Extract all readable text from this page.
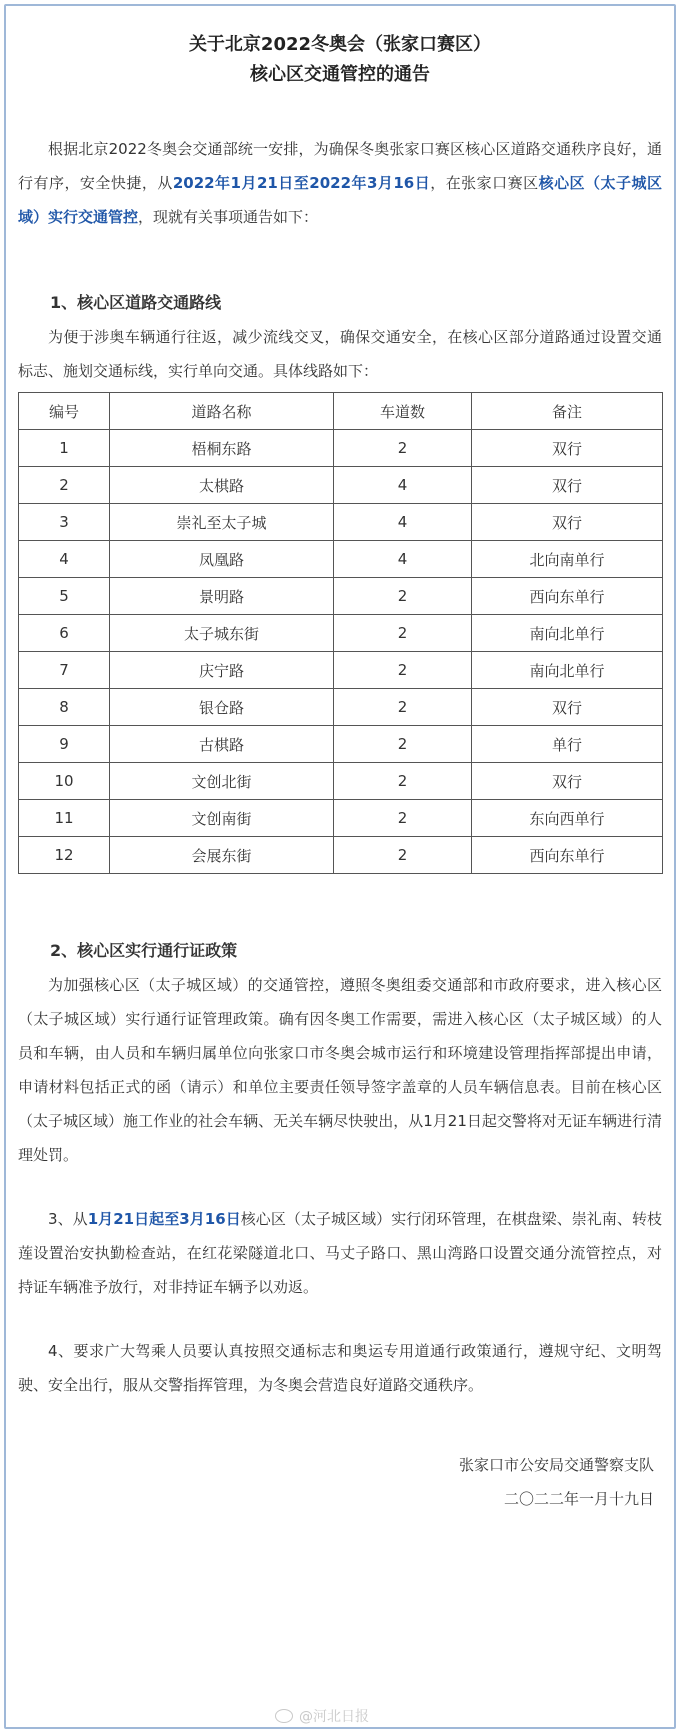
关于北京2022冬奥会（张家口赛区）
核心区交通管控的通告

根据北京2022冬奥会交通部统一安排，为确保冬奥张家口赛区核心区道路交通秩序良好，通行有序，安全快捷，从2022年1月21日至2022年3月16日，在张家口赛区核心区（太子城区域）实行交通管控，现就有关事项通告如下：

1、核心区道路交通路线

为便于涉奥车辆通行往返，减少流线交叉，确保交通安全，在核心区部分道路通过设置交通标志、施划交通标线，实行单向交通。具体线路如下：

编号	道路名称	车道数	备注
1	梧桐东路	2	双行
2	太棋路	4	双行
3	崇礼至太子城	4	双行
4	凤凰路	4	北向南单行
5	景明路	2	西向东单行
6	太子城东街	2	南向北单行
7	庆宁路	2	南向北单行
8	银仓路	2	双行
9	古棋路	2	单行
10	文创北街	2	双行
11	文创南街	2	东向西单行
12	会展东街	2	西向东单行
2、核心区实行通行证政策

为加强核心区（太子城区域）的交通管控，遵照冬奥组委交通部和市政府要求，进入核心区（太子城区域）实行通行证管理政策。确有因冬奥工作需要，需进入核心区（太子城区域）的人员和车辆，由人员和车辆归属单位向张家口市冬奥会城市运行和环境建设管理指挥部提出申请，申请材料包括正式的函（请示）和单位主要责任领导签字盖章的人员车辆信息表。目前在核心区（太子城区域）施工作业的社会车辆、无关车辆尽快驶出，从1月21日起交警将对无证车辆进行清理处罚。

3、从1月21日起至3月16日核心区（太子城区域）实行闭环管理，在棋盘梁、崇礼南、转枝莲设置治安执勤检查站，在红花梁隧道北口、马丈子路口、黑山湾路口设置交通分流管控点，对持证车辆准予放行，对非持证车辆予以劝返。

4、要求广大驾乘人员要认真按照交通标志和奥运专用道通行政策通行，遵规守纪、文明驾驶、安全出行，服从交警指挥管理，为冬奥会营造良好道路交通秩序。

张家口市公安局交通警察支队
二〇二二年一月十九日
@河北日报
